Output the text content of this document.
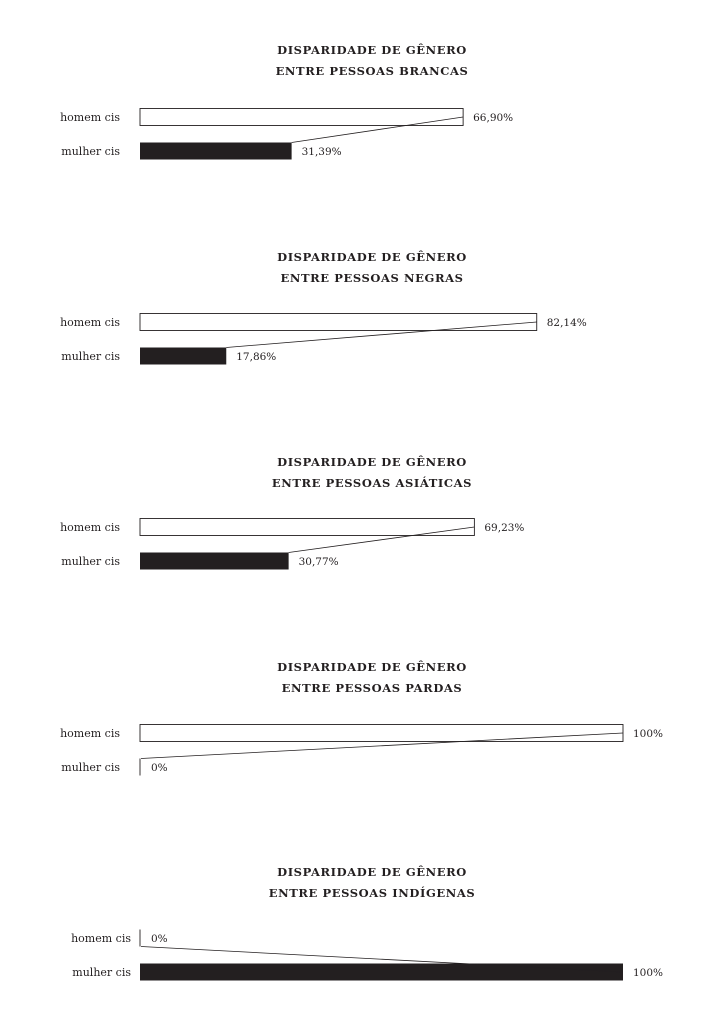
DISPARIDADE DE GÊNERO
ENTRE PESSOAS BRANCAS
homem cis	66,90%
mulher cis	31,39%
DISPARIDADE DE GÊNERO
ENTRE PESSOAS NEGRAS
homem cis	82,14%
mulher cis	17,86%
DISPARIDADE DE GÊNERO
ENTRE PESSOAS ASIÁTICAS
homem cis	69,23%
mulher cis	30,77%
DISPARIDADE DE GÊNERO
ENTRE PESSOAS PARDAS
homem cis	100%
mulher cis	0%
DISPARIDADE DE GÊNERO
ENTRE PESSOAS INDÍGENAS
homem cis 0%
mulher cis	100%
